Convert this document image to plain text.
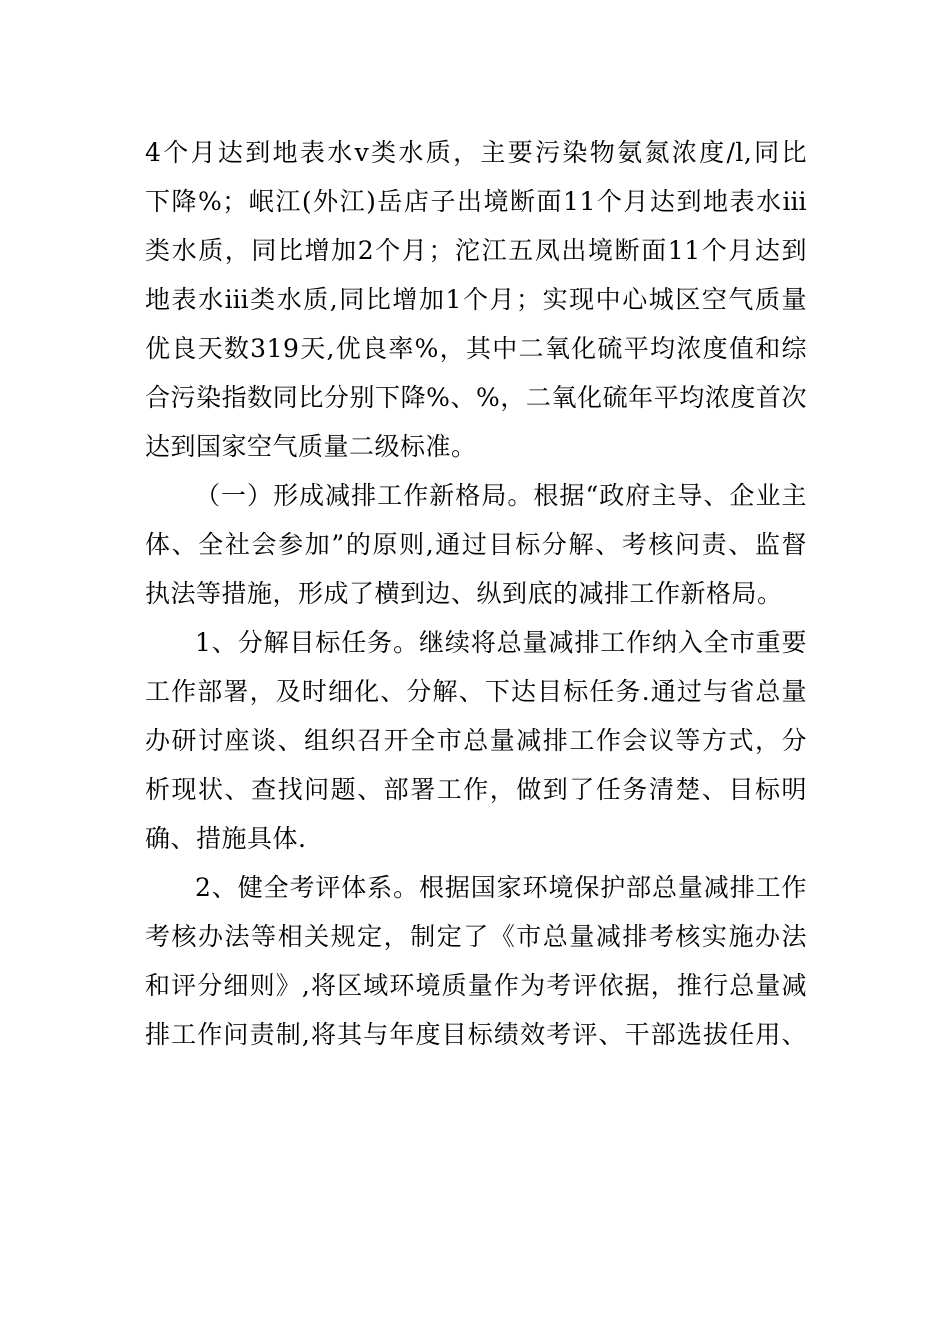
4个月达到地表水ⅴ类水质，主要污染物氨氮浓度/l,同比
下降%；岷江(外江)岳店子出境断面11个月达到地表水ⅲ
类水质，同比增加2个月；沱江五凤出境断面11个月达到
地表水ⅲ类水质,同比增加1个月；实现中心城区空气质量
优良天数319天,优良率%，其中二氧化硫平均浓度值和综
合污染指数同比分别下降%、%，二氧化硫年平均浓度首次
达到国家空气质量二级标准。
（一）形成减排工作新格局。根据“政府主导、企业主
体、全社会参加”的原则,通过目标分解、考核问责、监督
执法等措施，形成了横到边、纵到底的减排工作新格局。
1、分解目标任务。继续将总量减排工作纳入全市重要
工作部署，及时细化、分解、下达目标任务.通过与省总量
办研讨座谈、组织召开全市总量减排工作会议等方式，分
析现状、查找问题、部署工作，做到了任务清楚、目标明
确、措施具体.
2、健全考评体系。根据国家环境保护部总量减排工作
考核办法等相关规定，制定了《市总量减排考核实施办法
和评分细则》,将区域环境质量作为考评依据，推行总量减
排工作问责制,将其与年度目标绩效考评、干部选拔任用、
